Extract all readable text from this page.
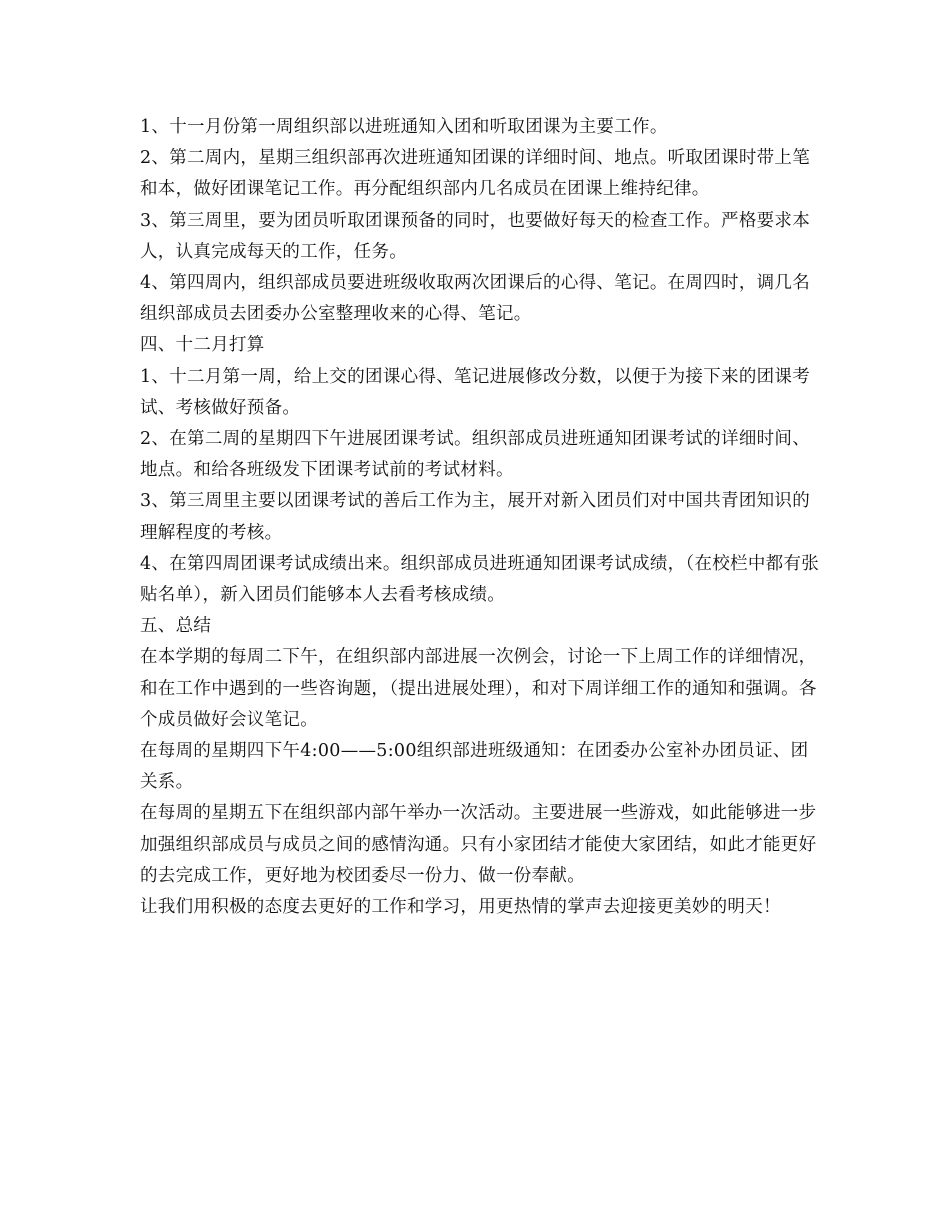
1、十一月份第一周组织部以进班通知入团和听取团课为主要工作。

2、第二周内，星期三组织部再次进班通知团课的详细时间、地点。听取团课时带上笔和本，做好团课笔记工作。再分配组织部内几名成员在团课上维持纪律。

3、第三周里，要为团员听取团课预备的同时，也要做好每天的检查工作。严格要求本人，认真完成每天的工作，任务。

4、第四周内，组织部成员要进班级收取两次团课后的心得、笔记。在周四时，调几名组织部成员去团委办公室整理收来的心得、笔记。

四、十二月打算

1、十二月第一周，给上交的团课心得、笔记进展修改分数，以便于为接下来的团课考试、考核做好预备。

2、在第二周的星期四下午进展团课考试。组织部成员进班通知团课考试的详细时间、地点。和给各班级发下团课考试前的考试材料。

3、第三周里主要以团课考试的善后工作为主，展开对新入团员们对中国共青团知识的理解程度的考核。

4、在第四周团课考试成绩出来。组织部成员进班通知团课考试成绩，（在校栏中都有张贴名单），新入团员们能够本人去看考核成绩。

五、总结

在本学期的每周二下午，在组织部内部进展一次例会，讨论一下上周工作的详细情况，和在工作中遇到的一些咨询题，（提出进展处理），和对下周详细工作的通知和强调。各个成员做好会议笔记。

在每周的星期四下午4:00——5:00组织部进班级通知：在团委办公室补办团员证、团关系。

在每周的星期五下在组织部内部午举办一次活动。主要进展一些游戏，如此能够进一步加强组织部成员与成员之间的感情沟通。只有小家团结才能使大家团结，如此才能更好的去完成工作，更好地为校团委尽一份力、做一份奉献。

让我们用积极的态度去更好的工作和学习，用更热情的掌声去迎接更美妙的明天！
